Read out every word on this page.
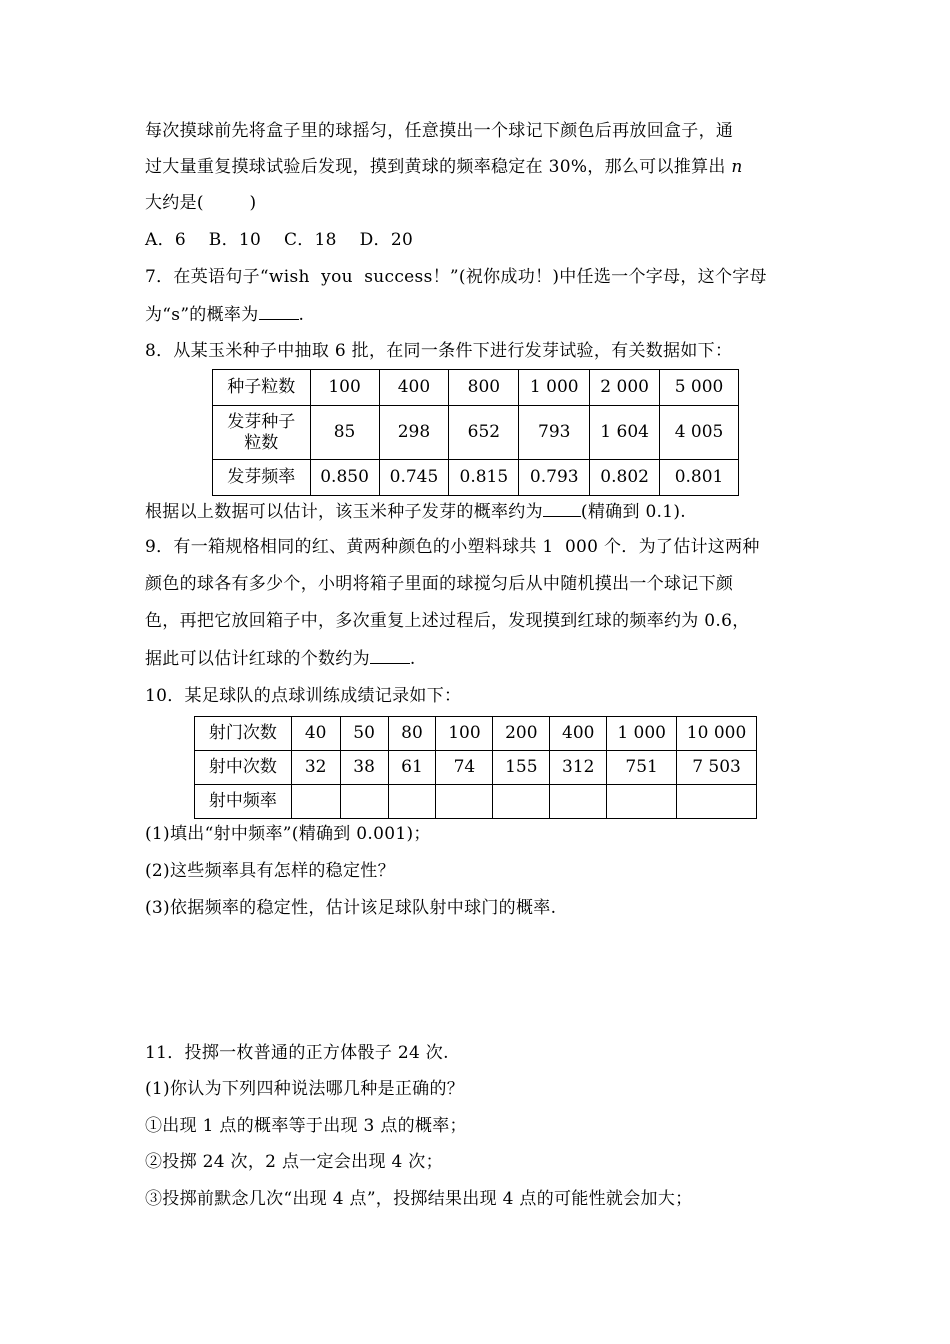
每次摸球前先将盒子里的球摇匀，任意摸出一个球记下颜色后再放回盒子，通
过大量重复摸球试验后发现，摸到黄球的频率稳定在 30%，那么可以推算出 n
大约是(        )
A．6    B．10    C．18    D．20
7．在英语句子“wish  you  success！”(祝你成功！)中任选一个字母，这个字母
为“s”的概率为 .
8．从某玉米种子中抽取 6 批，在同一条件下进行发芽试验，有关数据如下：
种子粒数	100	400	800	1 000	2 000	5 000

发芽种子
粒数	85	298	652	793	1 604	4 005
发芽频率	0.850	0.745	0.815	0.793	0.802	0.801
根据以上数据可以估计，该玉米种子发芽的概率约为 (精确到 0.1).
9．有一箱规格相同的红、黄两种颜色的小塑料球共 1  000 个．为了估计这两种
颜色的球各有多少个，小明将箱子里面的球搅匀后从中随机摸出一个球记下颜
色，再把它放回箱子中，多次重复上述过程后，发现摸到红球的频率约为 0.6，
据此可以估计红球的个数约为 .
10．某足球队的点球训练成绩记录如下：
射门次数	40	50	80	100	200	400	1 000	10 000
射中次数	32	38	61	74	155	312	751	7 503
射中频率								
(1)填出“射中频率”(精确到 0.001)；
(2)这些频率具有怎样的稳定性？
(3)依据频率的稳定性，估计该足球队射中球门的概率.
11．投掷一枚普通的正方体骰子 24 次.
(1)你认为下列四种说法哪几种是正确的？
①出现 1 点的概率等于出现 3 点的概率；
②投掷 24 次，2 点一定会出现 4 次；
③投掷前默念几次“出现 4 点”，投掷结果出现 4 点的可能性就会加大；
